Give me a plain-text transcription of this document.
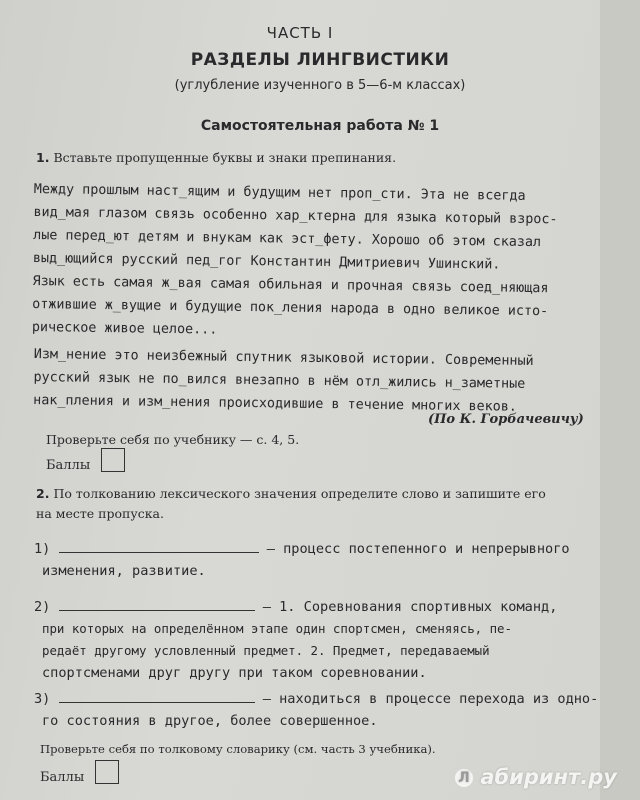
ЧАСТЬ I
РАЗДЕЛЫ ЛИНГВИСТИКИ
(углубление изученного в 5—6-м классах)
Самостоятельная работа № 1
1. Вставьте пропущенные буквы и знаки препинания.
Между прошлым наст_ящим и будущим нет проп_сти. Эта не всегда
вид_мая глазом связь особенно хар_ктерна для языка который взрос-
лые перед_ют детям и внукам как эст_фету. Хорошо об этом сказал
выд_ющийся русский пед_гог Константин Дмитриевич Ушинский.
Язык есть самая ж_вая самая обильная и прочная связь соед_няющая
отжившие ж_вущие и будущие пок_ления народа в одно великое исто-
рическое живое целое...
Изм_нение это неизбежный спутник языковой истории. Современный
русский язык не по_вился внезапно в нём отл_жились н_заметные
нак_пления и изм_нения происходившие в течение многих веков.
(По К. Горбачевичу)
Проверьте себя по учебнику — с. 4, 5.
Баллы
2. По толкованию лексического значения определите слово и запишите его
на месте пропуска.
1)	— процесс постепенного и непрерывного
изменения, развитие.
2)	— 1. Соревнования спортивных команд,
при которых на определённом этапе один спортсмен, сменяясь, пе-
редаёт другому условленный предмет. 2. Предмет, передаваемый
спортсменами друг другу при таком соревновании.
3)	— находиться в процессе перехода из одно-
го состояния в другое, более совершенное.
Проверьте себя по толковому словарику (см. часть 3 учебника).
Баллы	Л абиринт.ру
